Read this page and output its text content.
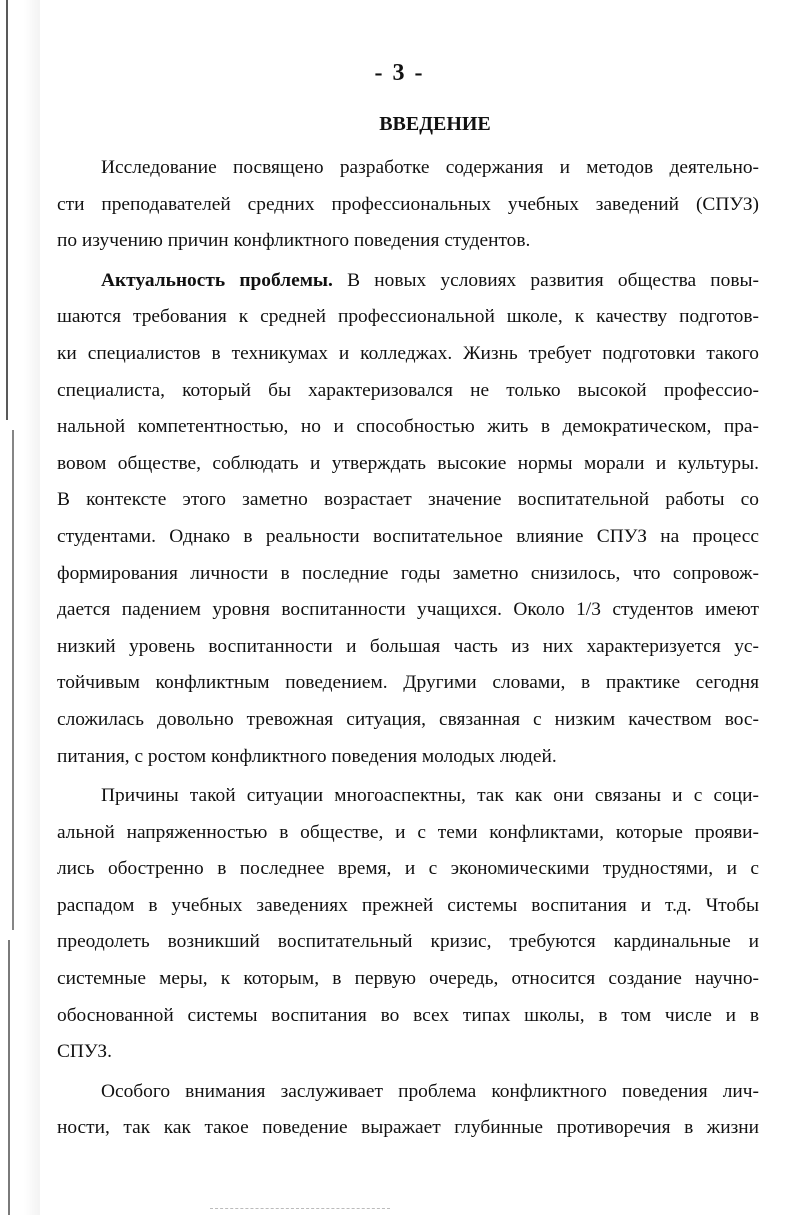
- 3 -
ВВЕДЕНИЕ
Исследование посвящено разработке содержания и методов деятельно-
сти преподавателей средних профессиональных учебных заведений (СПУЗ)
по изучению причин конфликтного поведения студентов.
Актуальность проблемы. В новых условиях развития общества повы-
шаются требования к средней профессиональной школе, к качеству подготов-
ки специалистов в техникумах и колледжах. Жизнь требует подготовки такого
специалиста, который бы характеризовался не только высокой профессио-
нальной компетентностью, но и способностью жить в демократическом, пра-
вовом обществе, соблюдать и утверждать высокие нормы морали и культуры.
В контексте этого заметно возрастает значение воспитательной работы со
студентами. Однако в реальности воспитательное влияние СПУЗ на процесс
формирования личности в последние годы заметно снизилось, что сопровож-
дается падением уровня воспитанности учащихся. Около 1/3 студентов имеют
низкий уровень воспитанности и большая часть из них характеризуется ус-
тойчивым конфликтным поведением. Другими словами, в практике сегодня
сложилась довольно тревожная ситуация, связанная с низким качеством вос-
питания, с ростом конфликтного поведения молодых людей.
Причины такой ситуации многоаспектны, так как они связаны и с соци-
альной напряженностью в обществе, и с теми конфликтами, которые прояви-
лись обостренно в последнее время, и с экономическими трудностями, и с
распадом в учебных заведениях прежней системы воспитания и т.д. Чтобы
преодолеть возникший воспитательный кризис, требуются кардинальные и
системные меры, к которым, в первую очередь, относится создание научно-
обоснованной системы воспитания во всех типах школы, в том числе и в
СПУЗ.
Особого внимания заслуживает проблема конфликтного поведения лич-
ности, так как такое поведение выражает глубинные противоречия в жизни
